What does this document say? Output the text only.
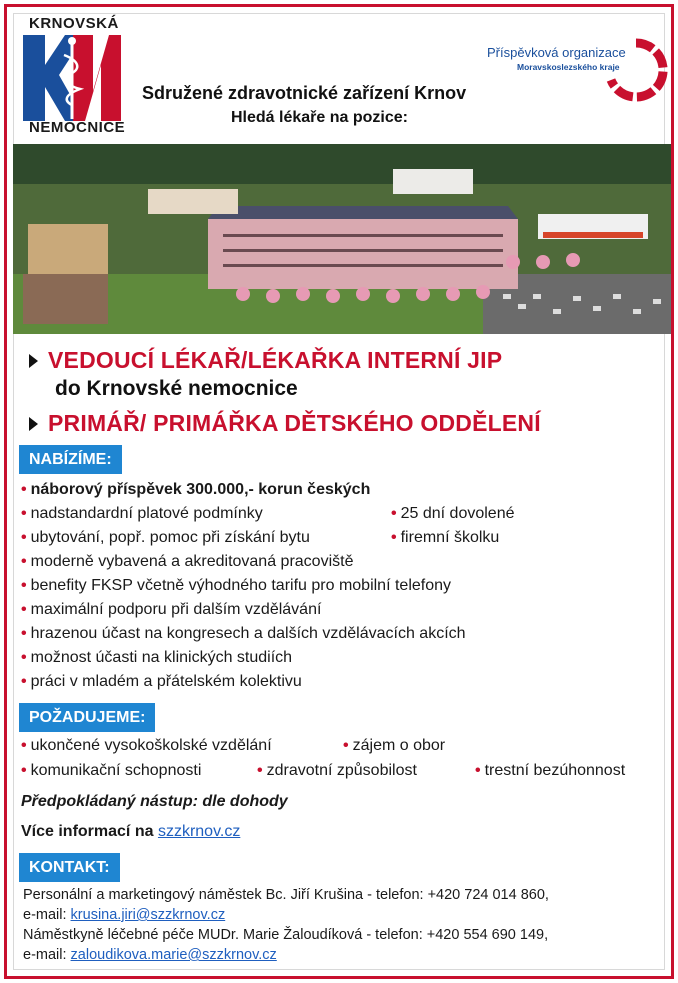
KRNOVSKÁ
NEMOCNICE
Sdružené zdravotnické zařízení Krnov
Hledá lékaře na pozice:
Příspěvková organizace
Moravskoslezského kraje
VEDOUCÍ LÉKAŘ/LÉKAŘKA INTERNÍ JIP
do Krnovské nemocnice
PRIMÁŘ/ PRIMÁŘKA DĚTSKÉHO ODDĚLENÍ
NABÍZÍME:
• náborový příspěvek 300.000,- korun českých
• nadstandardní platové podmínky	• 25 dní dovolené
• ubytování, popř. pomoc při získání bytu	• firemní školku
• moderně vybavená a akreditovaná pracoviště
• benefity FKSP včetně výhodného tarifu pro mobilní telefony
• maximální podporu při dalším vzdělávání
• hrazenou účast na kongresech a dalších vzdělávacích akcích
• možnost účasti na klinických studiích
• práci v mladém a přátelském kolektivu
POŽADUJEME:
• ukončené vysokoškolské vzdělání	• zájem o obor
• komunikační schopnosti	• zdravotní způsobilost	• trestní bezúhonnost
Předpokládaný nástup: dle dohody
Více informací na szzkrnov.cz
KONTAKT:
Personální a marketingový náměstek Bc. Jiří Krušina - telefon: +420 724 014 860,
e-mail: krusina.jiri@szzkrnov.cz
Náměstkyně léčebné péče MUDr. Marie Žaloudíková - telefon: +420 554 690 149,
e-mail: zaloudikova.marie@szzkrnov.cz
